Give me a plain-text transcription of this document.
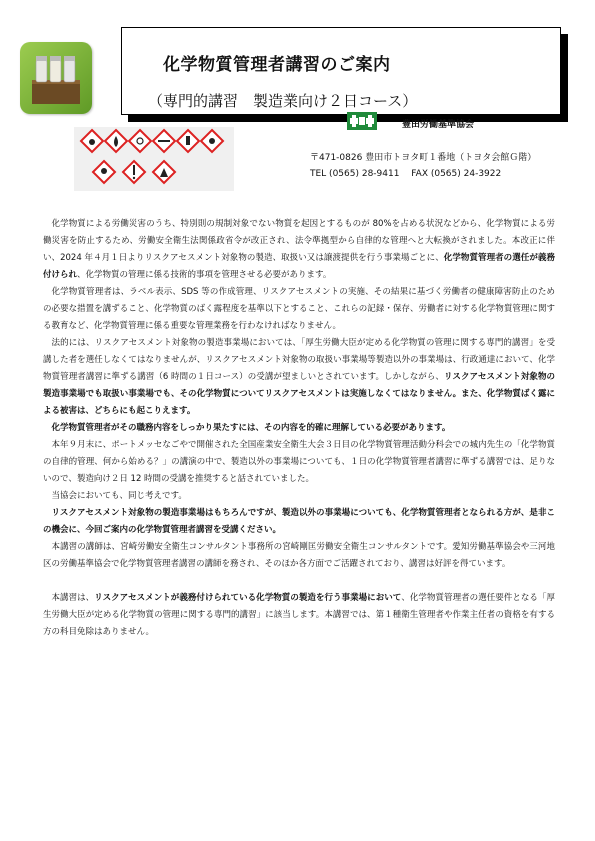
化学物質管理者講習のご案内
（専門的講習　製造業向け２日コース）
豊田労働基準協会
〒471-0826 豊田市トヨタ町１番地（トヨタ会館Ｇ階）
TEL (0565) 28-9411　 FAX (0565) 24-3922

化学物質による労働災害のうち、特別則の規制対象でない物質を起因とするものが 80%を占める状況などから、化学物質による労働災害を防止するため、労働安全衛生法関係政省令が改正され、法令準拠型から自律的な管理へと大転換がされました。本改正に伴い、2024 年４月１日よりリスクアセスメント対象物の製造、取扱い又は譲渡提供を行う事業場ごとに、化学物質管理者の選任が義務付けられ、化学物質の管理に係る技術的事項を管理させる必要があります。

化学物質管理者は、ラベル表示、SDS 等の作成管理、リスクアセスメントの実施、その結果に基づく労働者の健康障害防止のための必要な措置を講ずること、化学物質のばく露程度を基準以下とすること、これらの記録・保存、労働者に対する化学物質管理に関する教育など、化学物質管理に係る重要な管理業務を行わなければなりません。

法的には、リスクアセスメント対象物の製造事業場においては、「厚生労働大臣が定める化学物質の管理に関する専門的講習」を受講した者を選任しなくてはなりませんが、リスクアセスメント対象物の取扱い事業場等製造以外の事業場は、行政通達において、化学物質管理者講習に準ずる講習（6 時間の１日コース）の受講が望ましいとされています。しかしながら、リスクアセスメント対象物の製造事業場でも取扱い事業場でも、その化学物質についてリスクアセスメントは実施しなくてはなりません。また、化学物質ばく露による被害は、どちらにも起こりえます。

化学物質管理者がその職務内容をしっかり果たすには、その内容を的確に理解している必要があります。

本年９月末に、ポートメッセなごやで開催された全国産業安全衛生大会３日目の化学物質管理活動分科会での城内先生の「化学物質の自律的管理、何から始める？」の講演の中で、製造以外の事業場についても、１日の化学物質管理者講習に準ずる講習では、足りないので、製造向け２日 12 時間の受講を推奨すると話されていました。

当協会においても、同じ考えです。

リスクアセスメント対象物の製造事業場はもちろんですが、製造以外の事業場についても、化学物質管理者となられる方が、是非この機会に、今回ご案内の化学物質管理者講習を受講ください。

本講習の講師は、宮崎労働安全衛生コンサルタント事務所の宮崎剛匡労働安全衛生コンサルタントです。愛知労働基準協会や三河地区の労働基準協会で化学物質管理者講習の講師を務され、そのほか各方面でご活躍されており、講習は好評を得ています。

本講習は、リスクアセスメントが義務付けられている化学物質の製造を行う事業場において、化学物質管理者の選任要件となる「厚生労働大臣が定める化学物質の管理に関する専門的講習」に該当します。本講習では、第１種衛生管理者や作業主任者の資格を有する方の科目免除はありません。
